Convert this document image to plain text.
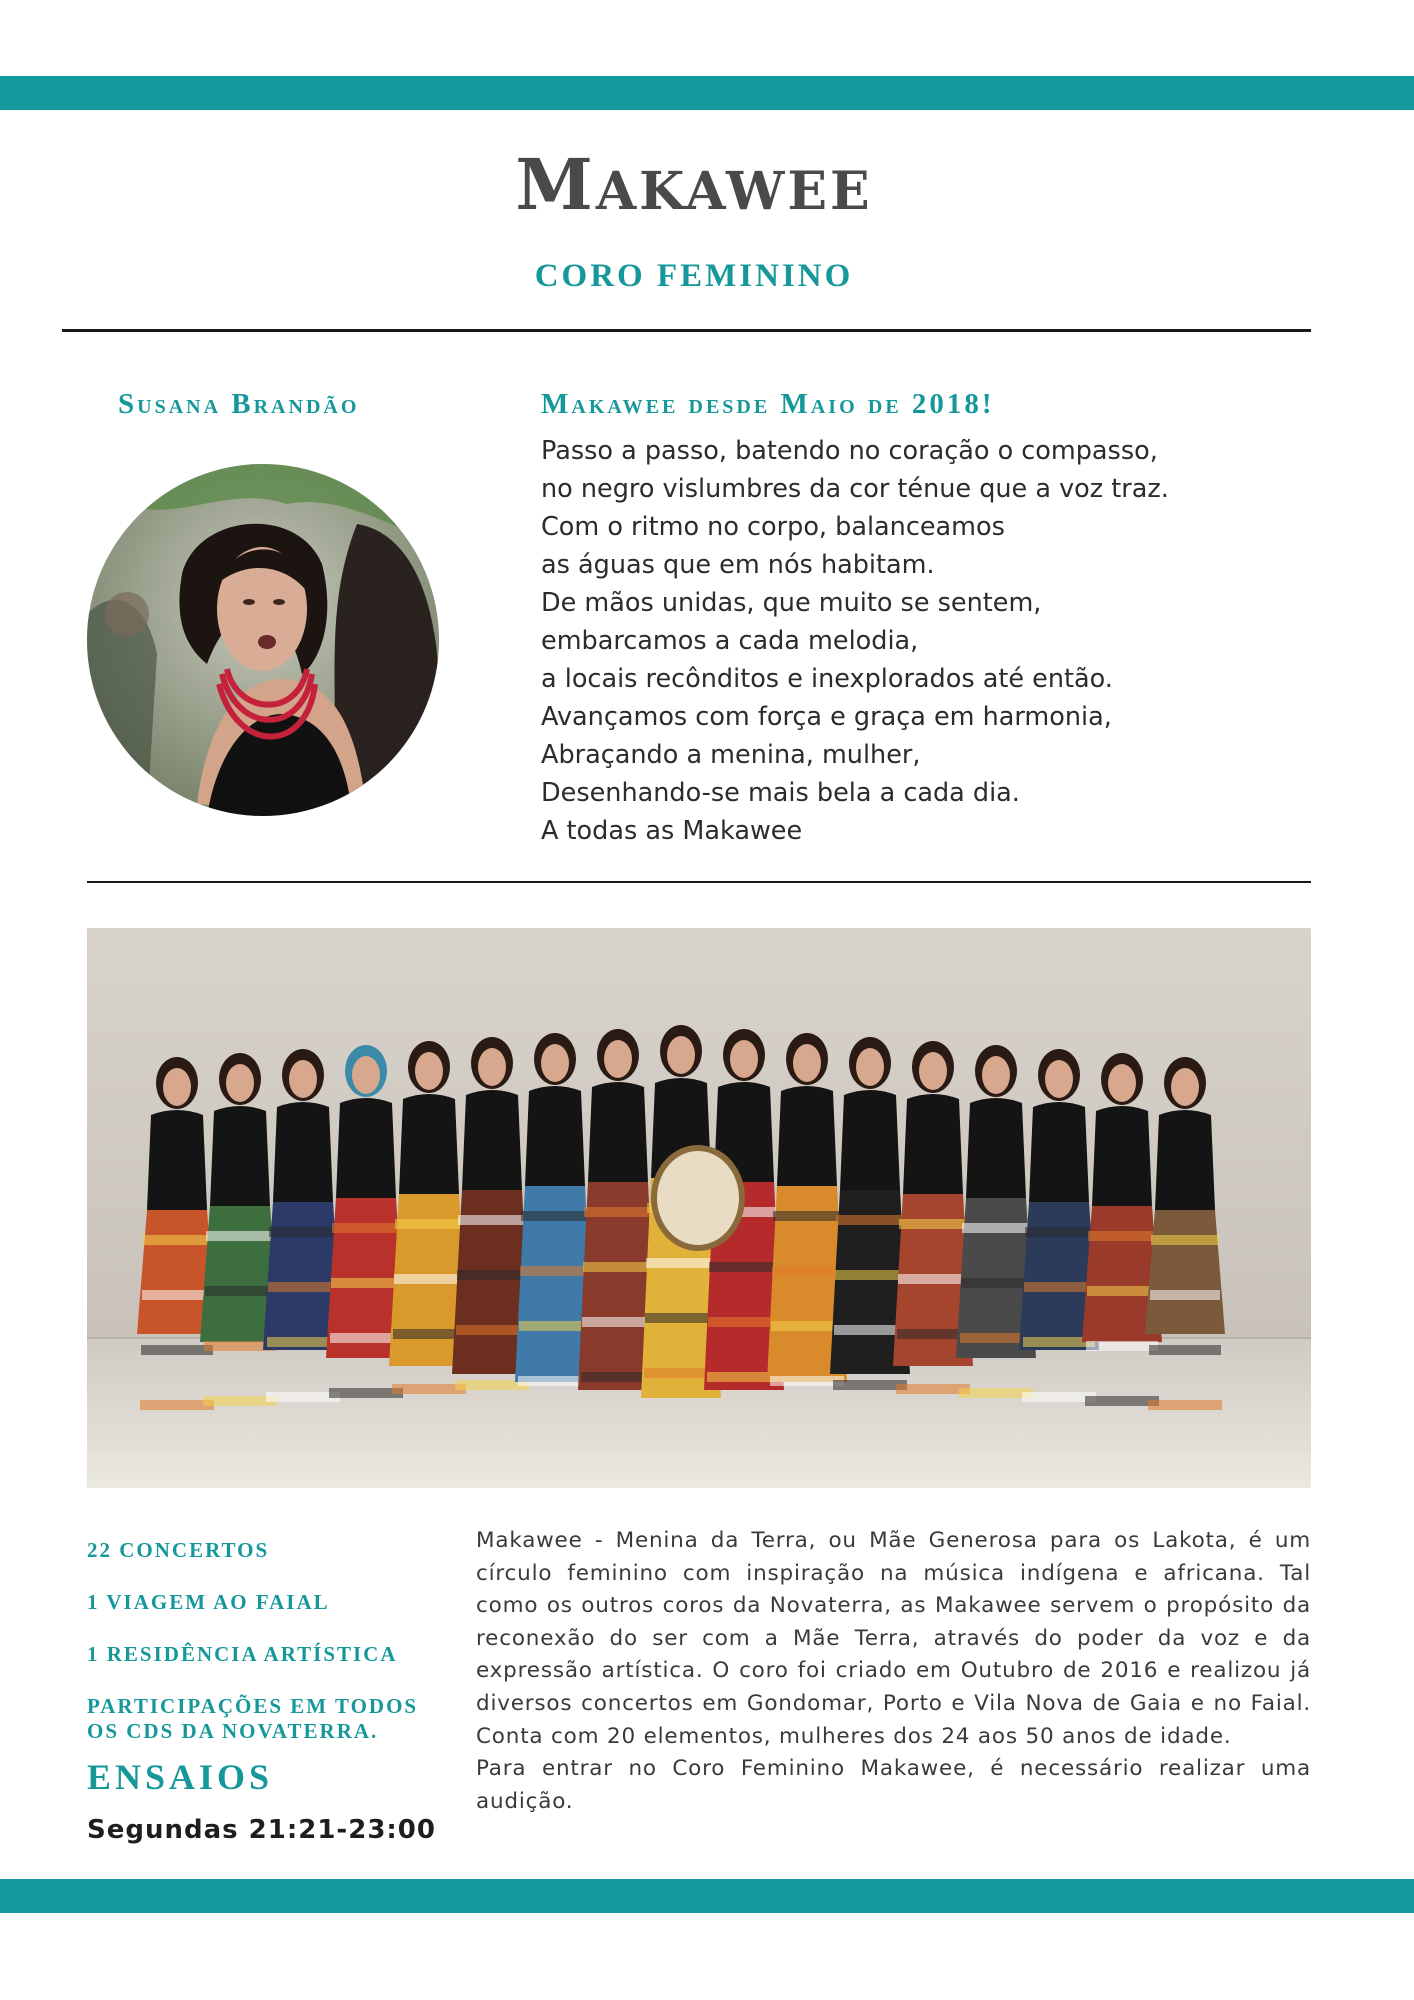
MAKAWEE
CORO FEMININO
Susana Brandão	Makawee desde Maio de 2018!
Passo a passo, batendo no coração o compasso,
no negro vislumbres da cor ténue que a voz traz.
Com o ritmo no corpo, balanceamos
as águas que em nós habitam.
De mãos unidas, que muito se sentem,
embarcamos a cada melodia,
a locais recônditos e inexplorados até então.
Avançamos com força e graça em harmonia,
Abraçando a menina, mulher,
Desenhando-se mais bela a cada dia.
A todas as Makawee
22 CONCERTOS
1 VIAGEM AO FAIAL
1 RESIDÊNCIA ARTÍSTICA
PARTICIPAÇÕES EM TODOS OS CDS DA NOVATERRA.
ENSAIOS
Segundas 21:21-23:00

Makawee - Menina da Terra, ou Mãe Generosa para os Lakota, é um círculo feminino com inspiração na música indígena e africana. Tal como os outros coros da Novaterra, as Makawee servem o propósito da reconexão do ser com a Mãe Terra, através do poder da voz e da expressão artística. O coro foi criado em Outubro de 2016 e realizou já diversos concertos em Gondomar, Porto e Vila Nova de Gaia e no Faial. Conta com 20 elementos, mulheres dos 24 aos 50 anos de idade.

Para entrar no Coro Feminino Makawee, é necessário realizar uma audição.
